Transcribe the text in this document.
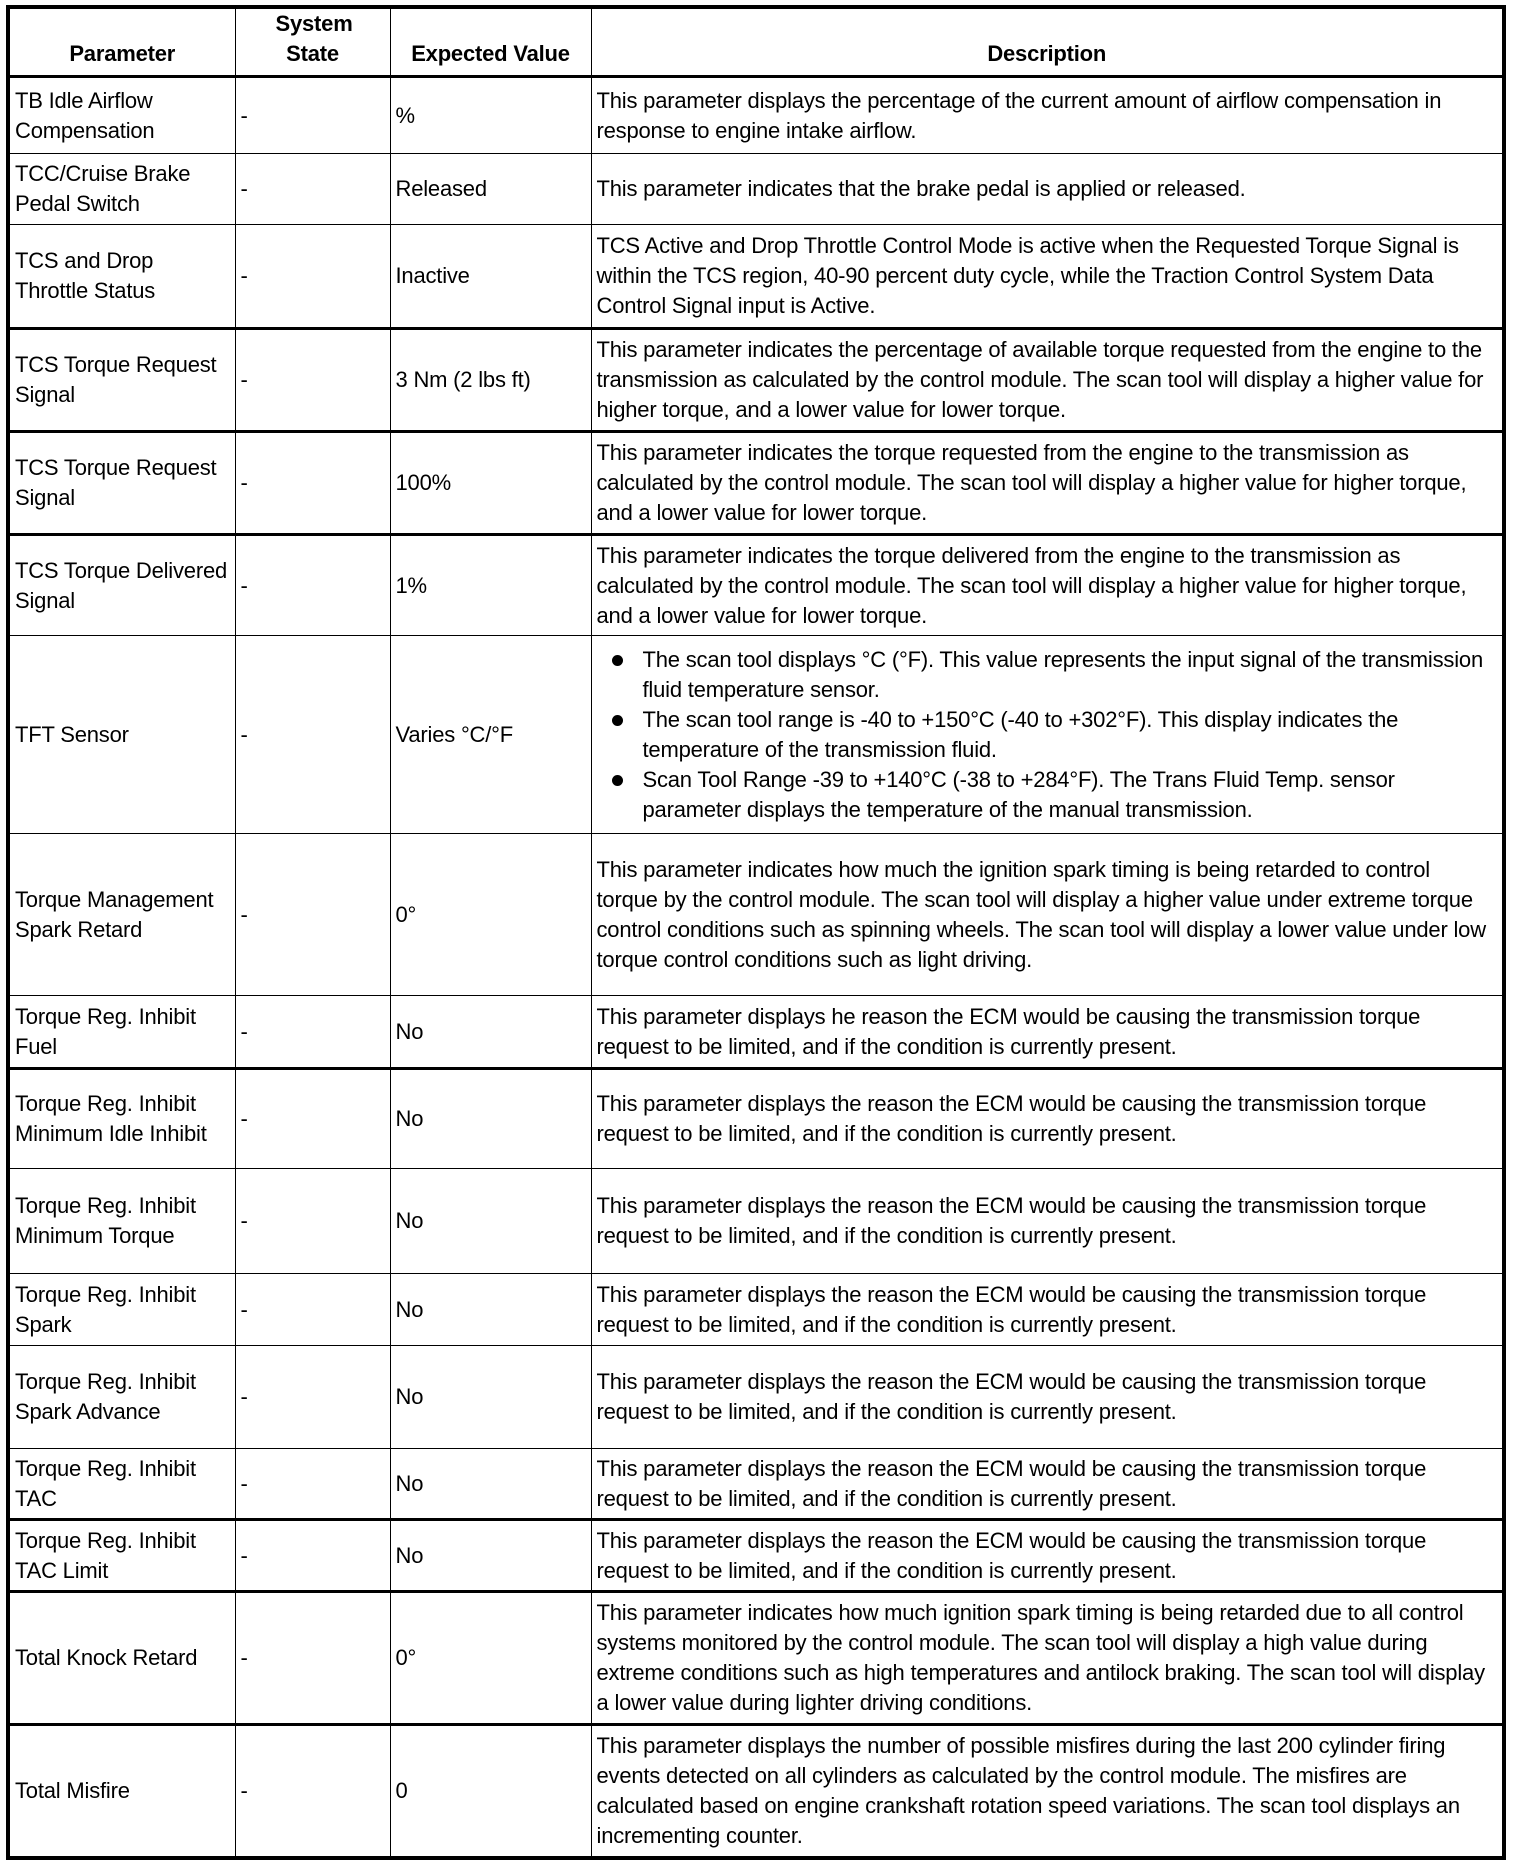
Parameter	System State	Expected Value	Description
TB Idle Airflow Compensation	-	%	This parameter displays the percentage of the current amount of airflow compensation in response to engine intake airflow.
TCC/Cruise Brake Pedal Switch	-	Released	This parameter indicates that the brake pedal is applied or released.
TCS and Drop Throttle Status	-	Inactive	TCS Active and Drop Throttle Control Mode is active when the Requested Torque Signal is within the TCS region, 40-90 percent duty cycle, while the Traction Control System Data Control Signal input is Active.
TCS Torque Request Signal	-	3 Nm (2 lbs ft)	This parameter indicates the percentage of available torque requested from the engine to the transmission as calculated by the control module. The scan tool will display a higher value for higher torque, and a lower value for lower torque.
TCS Torque Request Signal	-	100%	This parameter indicates the torque requested from the engine to the transmission as calculated by the control module. The scan tool will display a higher value for higher torque, and a lower value for lower torque.
TCS Torque Delivered Signal	-	1%	This parameter indicates the torque delivered from the engine to the transmission as calculated by the control module. The scan tool will display a higher value for higher torque, and a lower value for lower torque.
TFT Sensor	-	Varies °C/°F	
The scan tool displays °C (°F). This value represents the input signal of the transmission fluid temperature sensor.
The scan tool range is -40 to +150°C (-40 to +302°F). This display indicates the temperature of the transmission fluid.
Scan Tool Range -39 to +140°C (-38 to +284°F). The Trans Fluid Temp. sensor parameter displays the temperature of the manual transmission.

Torque Management Spark Retard	-	0°	This parameter indicates how much the ignition spark timing is being retarded to control torque by the control module. The scan tool will display a higher value under extreme torque control conditions such as spinning wheels. The scan tool will display a lower value under low torque control conditions such as light driving.
Torque Reg. Inhibit Fuel	-	No	This parameter displays he reason the ECM would be causing the transmission torque request to be limited, and if the condition is currently present.
Torque Reg. Inhibit Minimum Idle Inhibit	-	No	This parameter displays the reason the ECM would be causing the transmission torque request to be limited, and if the condition is currently present.
Torque Reg. Inhibit Minimum Torque	-	No	This parameter displays the reason the ECM would be causing the transmission torque request to be limited, and if the condition is currently present.
Torque Reg. Inhibit Spark	-	No	This parameter displays the reason the ECM would be causing the transmission torque request to be limited, and if the condition is currently present.
Torque Reg. Inhibit Spark Advance	-	No	This parameter displays the reason the ECM would be causing the transmission torque request to be limited, and if the condition is currently present.
Torque Reg. Inhibit TAC	-	No	This parameter displays the reason the ECM would be causing the transmission torque request to be limited, and if the condition is currently present.
Torque Reg. Inhibit TAC Limit	-	No	This parameter displays the reason the ECM would be causing the transmission torque request to be limited, and if the condition is currently present.
Total Knock Retard	-	0°	This parameter indicates how much ignition spark timing is being retarded due to all control systems monitored by the control module. The scan tool will display a high value during extreme conditions such as high temperatures and antilock braking. The scan tool will display a lower value during lighter driving conditions.
Total Misfire	-	0	This parameter displays the number of possible misfires during the last 200 cylinder firing events detected on all cylinders as calculated by the control module. The misfires are calculated based on engine crankshaft rotation speed variations. The scan tool displays an incrementing counter.
